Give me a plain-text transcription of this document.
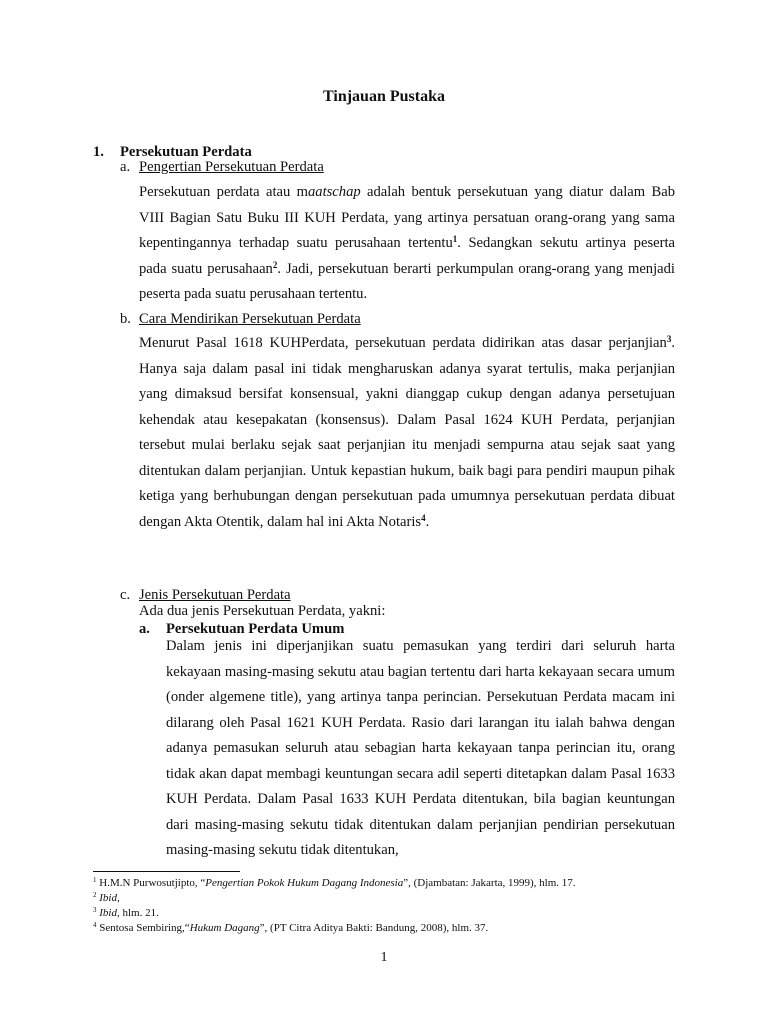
Tinjauan Pustaka
1. Persekutuan Perdata
a. Pengertian Persekutuan Perdata
Persekutuan perdata atau maatschap adalah bentuk persekutuan yang diatur dalam Bab VIII Bagian Satu Buku III KUH Perdata, yang artinya persatuan orang-orang yang sama kepentingannya terhadap suatu perusahaan tertentu$^1$. Sedangkan sekutu artinya peserta pada suatu perusahaan$^2$. Jadi, persekutuan berarti perkumpulan orang-orang yang menjadi peserta pada suatu perusahaan tertentu.
b. Cara Mendirikan Persekutuan Perdata
Menurut Pasal 1618 KUHPerdata, persekutuan perdata didirikan atas dasar perjanjian$^3$. Hanya saja dalam pasal ini tidak mengharuskan adanya syarat tertulis, maka perjanjian yang dimaksud bersifat konsensual, yakni dianggap cukup dengan adanya persetujuan kehendak atau kesepakatan (konsensus). Dalam Pasal 1624 KUH Perdata, perjanjian tersebut mulai berlaku sejak saat perjanjian itu menjadi sempurna atau sejak saat yang ditentukan dalam perjanjian. Untuk kepastian hukum, baik bagi para pendiri maupun pihak ketiga yang berhubungan dengan persekutuan pada umumnya persekutuan perdata dibuat dengan Akta Otentik, dalam hal ini Akta Notaris$^4$.
c. Jenis Persekutuan Perdata
Ada dua jenis Persekutuan Perdata, yakni:
a. Persekutuan Perdata Umum
Dalam jenis ini diperjanjikan suatu pemasukan yang terdiri dari seluruh harta kekayaan masing-masing sekutu atau bagian tertentu dari harta kekayaan secara umum (onder algemene title), yang artinya tanpa perincian. Persekutuan Perdata macam ini dilarang oleh Pasal 1621 KUH Perdata. Rasio dari larangan itu ialah bahwa dengan adanya pemasukan seluruh atau sebagian harta kekayaan tanpa perincian itu, orang tidak akan dapat membagi keuntungan secara adil seperti ditetapkan dalam Pasal 1633 KUH Perdata. Dalam Pasal 1633 KUH Perdata ditentukan, bila bagian keuntungan dari masing-masing sekutu tidak ditentukan dalam perjanjian pendirian persekutuan masing-masing sekutu tidak ditentukan,
$^1$ H.M.N Purwosutjipto, “Pengertian Pokok Hukum Dagang Indonesia”, (Djambatan: Jakarta, 1999), hlm. 17.
$^2$ Ibid,
$^3$ Ibid, hlm. 21.
$^4$ Sentosa Sembiring,“Hukum Dagang”, (PT Citra Aditya Bakti: Bandung, 2008), hlm. 37.
1
